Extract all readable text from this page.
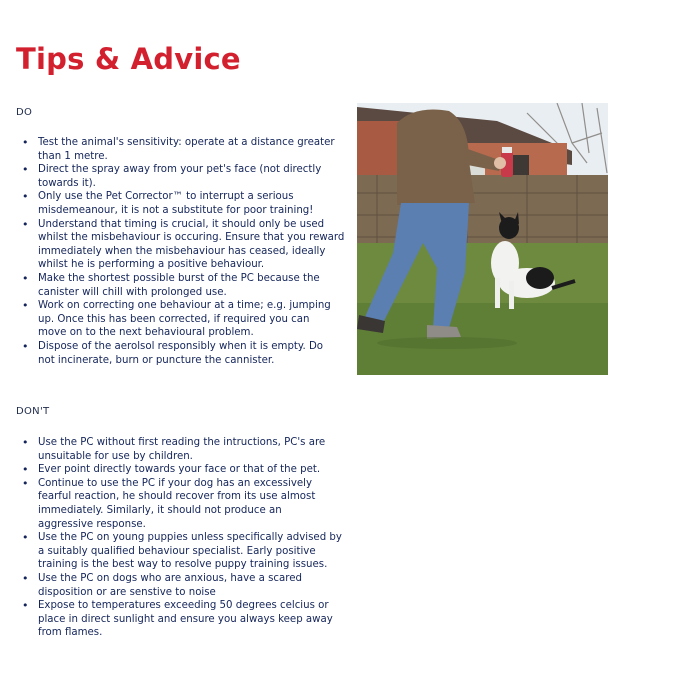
Tips & Advice

DO

• Test the animal's sensitivity: operate at a distance greater
than 1 metre.
• Direct the spray away from your pet's face (not directly
towards it).
• Only use the Pet Corrector™ to interrupt a serious
misdemeanour, it is not a substitute for poor training!
• Understand that timing is crucial, it should only be used
whilst the misbehaviour is occuring. Ensure that you reward
immediately when the misbehaviour has ceased, ideally
whilst he is performing a positive behaviour.
• Make the shortest possible burst of the PC because the
canister will chill with prolonged use.
• Work on correcting one behaviour at a time; e.g. jumping
up. Once this has been corrected, if required you can
move on to the next behavioural problem.
• Dispose of the aerolsol responsibly when it is empty. Do
not incinerate, burn or puncture the cannister.

DON'T

• Use the PC without first reading the intructions, PC's are
unsuitable for use by children.
• Ever point directly towards your face or that of the pet.
• Continue to use the PC if your dog has an excessively
fearful reaction, he should recover from its use almost
immediately. Similarly, it should not produce an
aggressive response.
• Use the PC on young puppies unless specifically advised by
a suitably qualified behaviour specialist. Early positive
training is the best way to resolve puppy training issues.
• Use the PC on dogs who are anxious, have a scared
disposition or are senstive to noise
• Expose to temperatures exceeding 50 degrees celcius or
place in direct sunlight and ensure you always keep away
from flames.
